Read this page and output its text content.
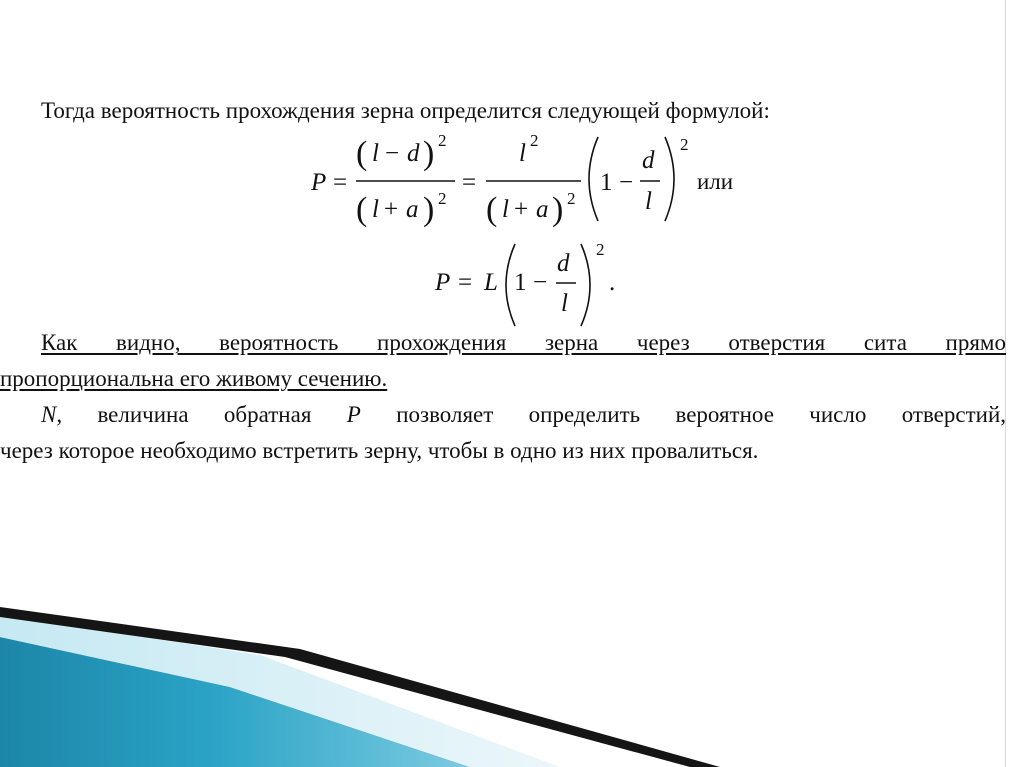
Тогда вероятность прохождения зерна определится следующей формулой:
P =
( l − d ) 2
( l + a ) 2
=
l 2
( l + a ) 2
1 −
d
l
2
или
P = L 1 −
d
l
2
.
Как видно, вероятность прохождения зерна через отверстия сита прямо
пропорциональна его живому сечению.
N, величина обратная P позволяет определить вероятное число отверстий,
через которое необходимо встретить зерну, чтобы в одно из них провалиться.
